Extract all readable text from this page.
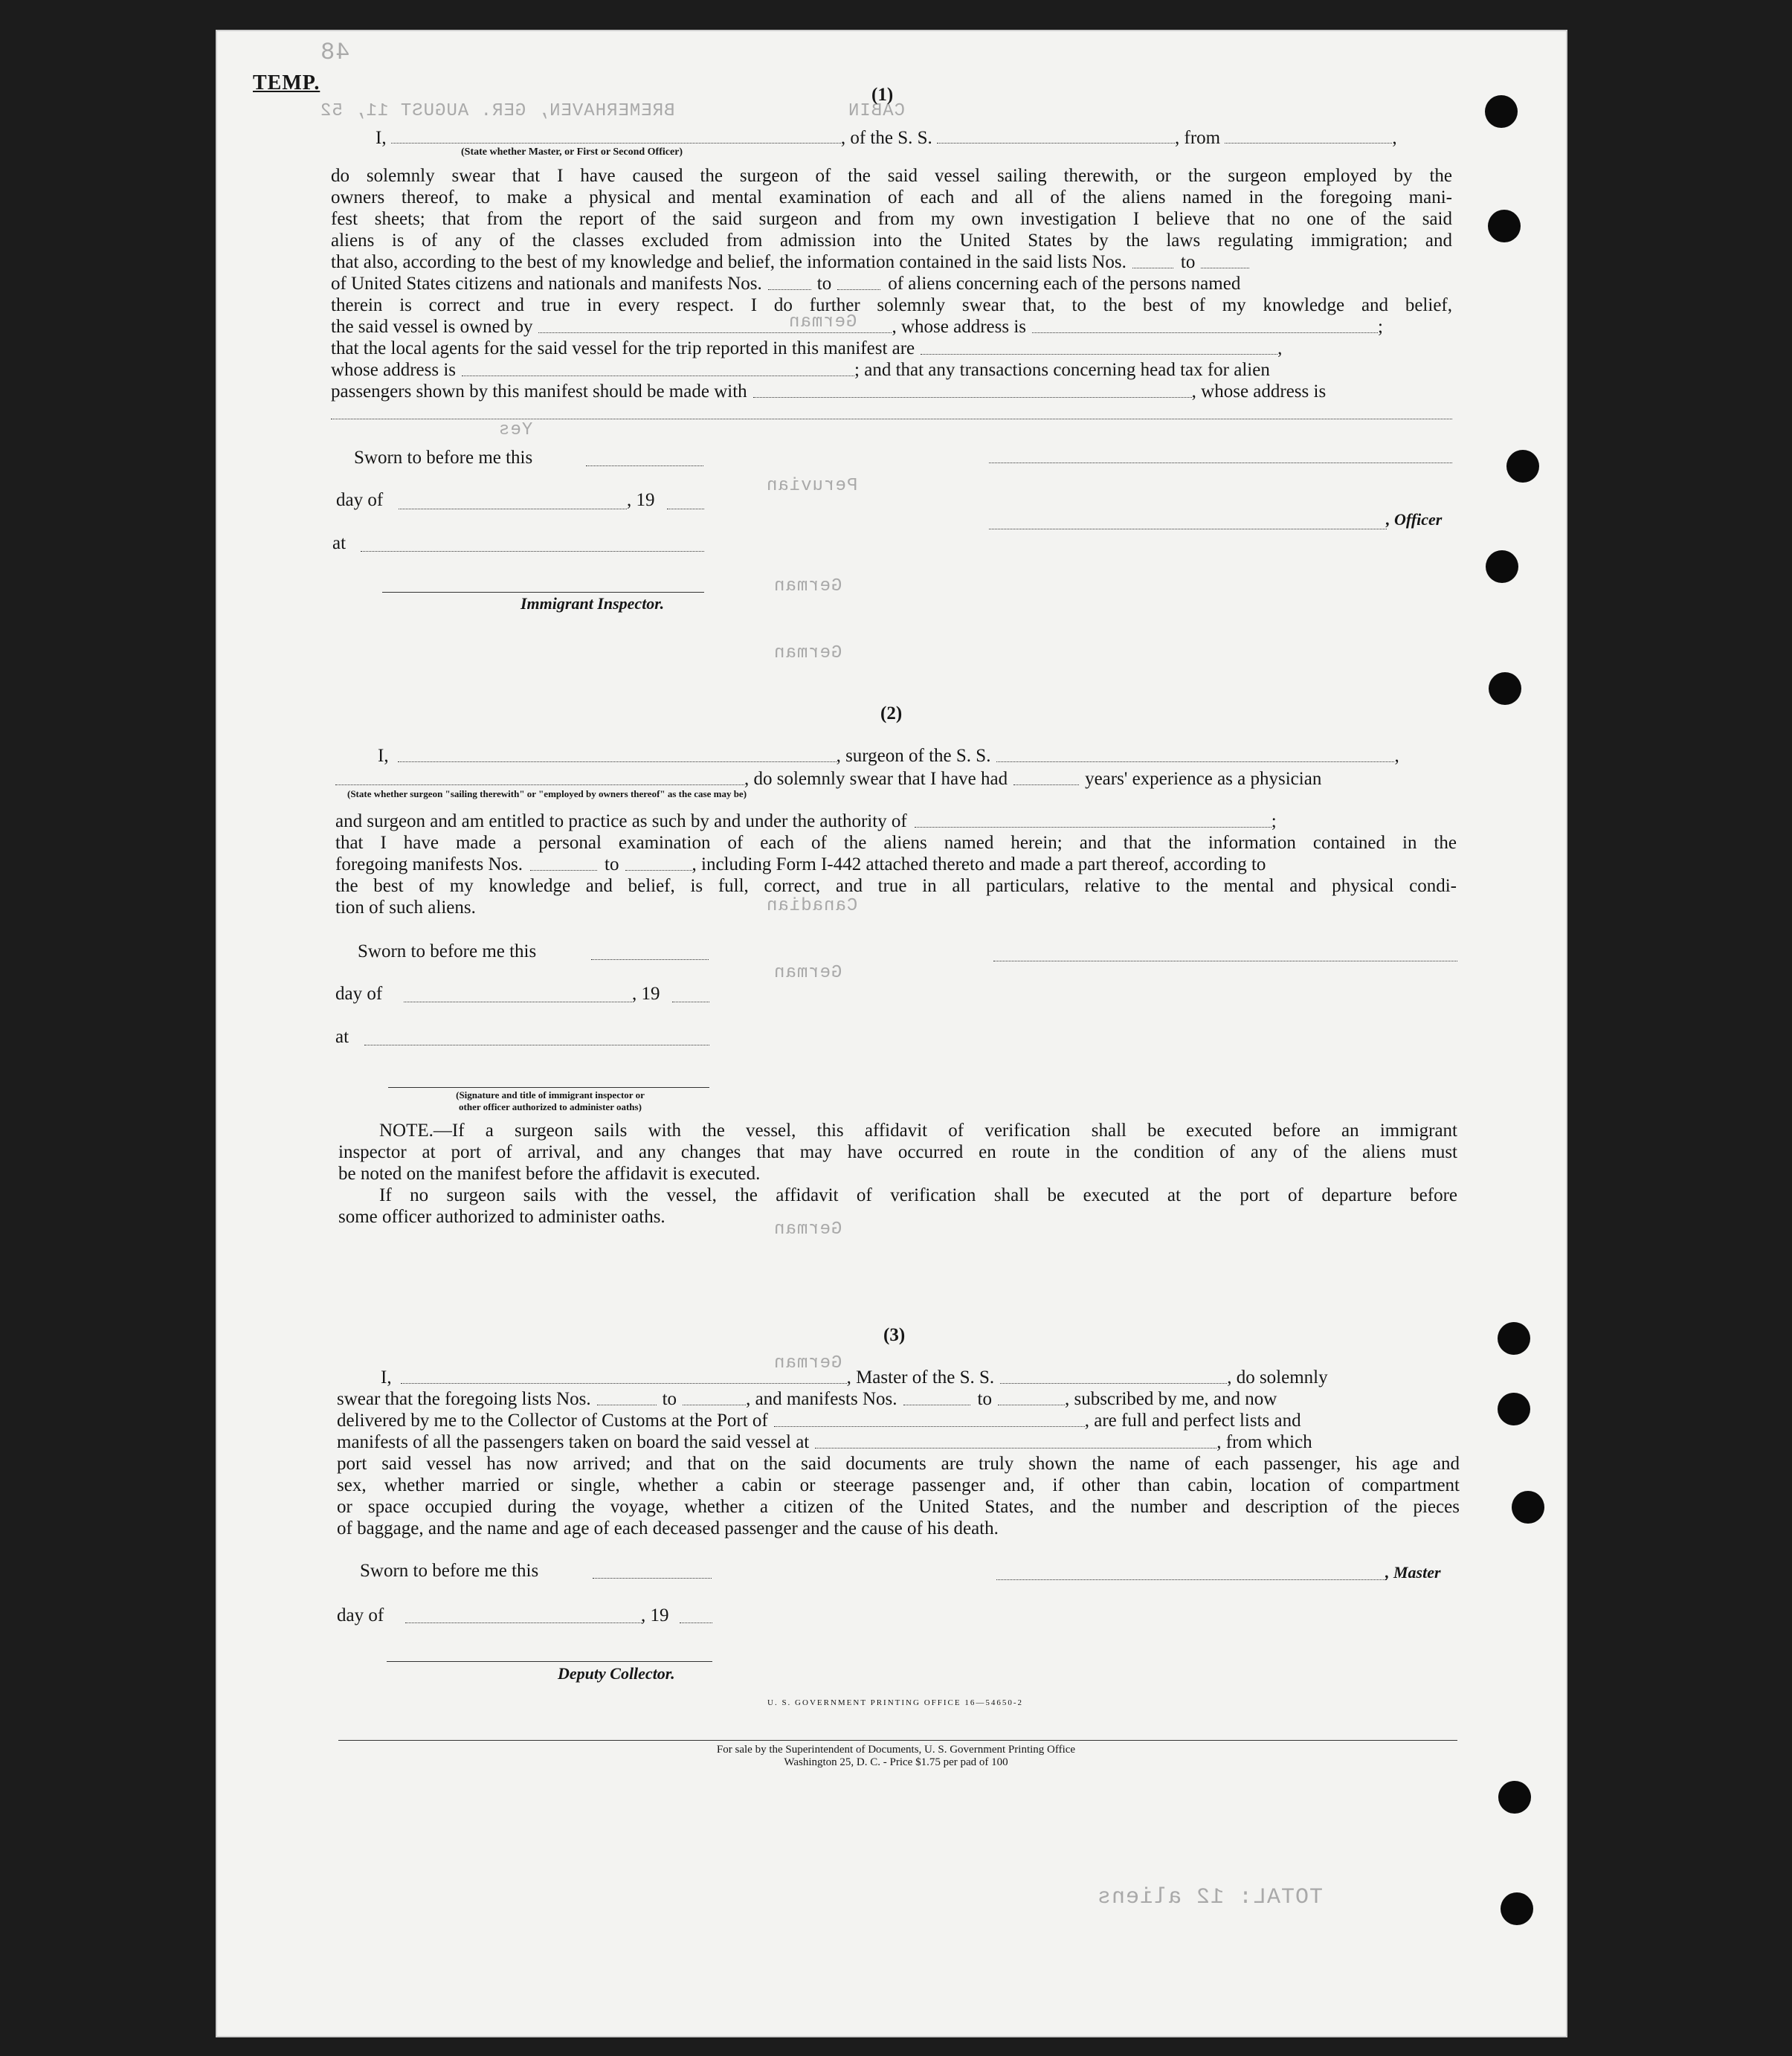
48
CABIN
BREMERHAVEN, GER. AUGUST 11, 52
German
Yes
Peruvian
German
German
Canadian
German
German
German
TOTAL: 12 aliens
TEMP.
(1)
I,	, of the S. S.	, from	,
(State whether Master, or First or Second Officer)
do solemnly swear that I have caused the surgeon of the said vessel sailing therewith, or the surgeon employed by the
owners thereof, to make a physical and mental examination of each and all of the aliens named in the foregoing mani-
fest sheets; that from the report of the said surgeon and from my own investigation I believe that no one of the said
aliens is of any of the classes excluded from admission into the United States by the laws regulating immigration; and
that also, according to the best of my knowledge and belief, the information contained in the said lists Nos.	to
of United States citizens and nationals and manifests Nos.	to	of aliens concerning each of the persons named
therein is correct and true in every respect. I do further solemnly swear that, to the best of my knowledge and belief,
the said vessel is owned by	, whose address is	;
that the local agents for the said vessel for the trip reported in this manifest are	,
whose address is	; and that any transactions concerning head tax for alien
passengers shown by this manifest should be made with	, whose address is
Sworn to before me this
day of	, 19
at
Immigrant Inspector.
, Officer
(2)
I,	, surgeon of the S. S.	,
, do solemnly swear that I have had	years' experience as a physician
(State whether surgeon "sailing therewith" or "employed by owners thereof" as the case may be)
and surgeon and am entitled to practice as such by and under the authority of	;
that I have made a personal examination of each of the aliens named herein; and that the information contained in the
foregoing manifests Nos.	to	, including Form I-442 attached thereto and made a part thereof, according to
the best of my knowledge and belief, is full, correct, and true in all particulars, relative to the mental and physical condi-
tion of such aliens.
Sworn to before me this
day of	, 19
at
(Signature and title of immigrant inspector or
other officer authorized to administer oaths)
NOTE.—If a surgeon sails with the vessel, this affidavit of verification shall be executed before an immigrant
inspector at port of arrival, and any changes that may have occurred en route in the condition of any of the aliens must
be noted on the manifest before the affidavit is executed.
If no surgeon sails with the vessel, the affidavit of verification shall be executed at the port of departure before
some officer authorized to administer oaths.
(3)
I,	, Master of the S. S.	, do solemnly
swear that the foregoing lists Nos.	to	, and manifests Nos.	to	, subscribed by me, and now
delivered by me to the Collector of Customs at the Port of	, are full and perfect lists and
manifests of all the passengers taken on board the said vessel at	, from which
port said vessel has now arrived; and that on the said documents are truly shown the name of each passenger, his age and
sex, whether married or single, whether a cabin or steerage passenger and, if other than cabin, location of compartment
or space occupied during the voyage, whether a citizen of the United States, and the number and description of the pieces
of baggage, and the name and age of each deceased passenger and the cause of his death.
Sworn to before me this
day of	, 19
Deputy Collector.
, Master
U. S. GOVERNMENT PRINTING OFFICE 16—54650-2
For sale by the Superintendent of Documents, U. S. Government Printing Office
Washington 25, D. C. - Price $1.75 per pad of 100
